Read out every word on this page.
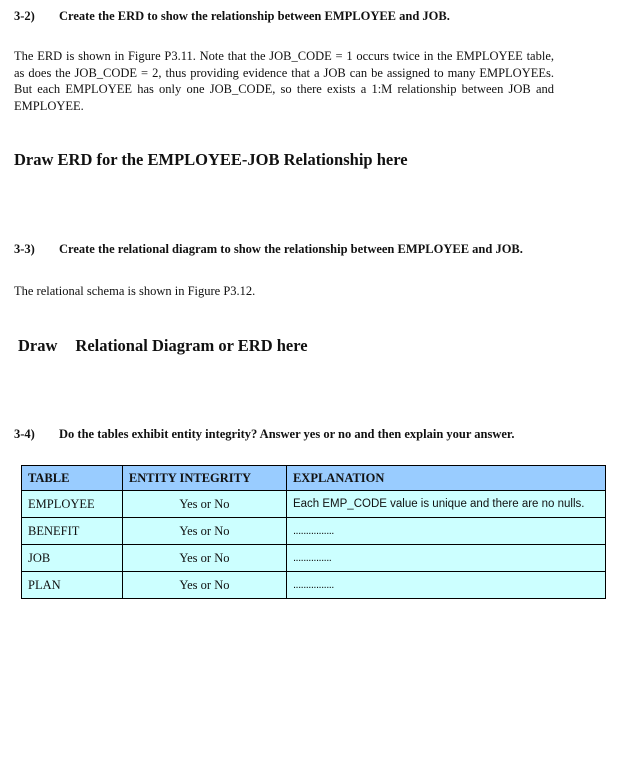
3-2) Create the ERD to show the relationship between EMPLOYEE and JOB.
The ERD is shown in Figure P3.11. Note that the JOB_CODE = 1 occurs twice in the EMPLOYEE table, as does the JOB_CODE = 2, thus providing evidence that a JOB can be assigned to many EMPLOYEEs. But each EMPLOYEE has only one JOB_CODE, so there exists a 1:M relationship between JOB and EMPLOYEE.
Draw ERD for the EMPLOYEE-JOB Relationship here
3-3) Create the relational diagram to show the relationship between EMPLOYEE and JOB.
The relational schema is shown in Figure P3.12.
Draw Relational Diagram or ERD here
3-4) Do the tables exhibit entity integrity? Answer yes or no and then explain your answer.
TABLE	ENTITY INTEGRITY	EXPLANATION
EMPLOYEE	Yes or No	Each EMP_CODE value is unique and there are no nulls.
BENEFIT	Yes or No	................
JOB	Yes or No	...............
PLAN	Yes or No	................
